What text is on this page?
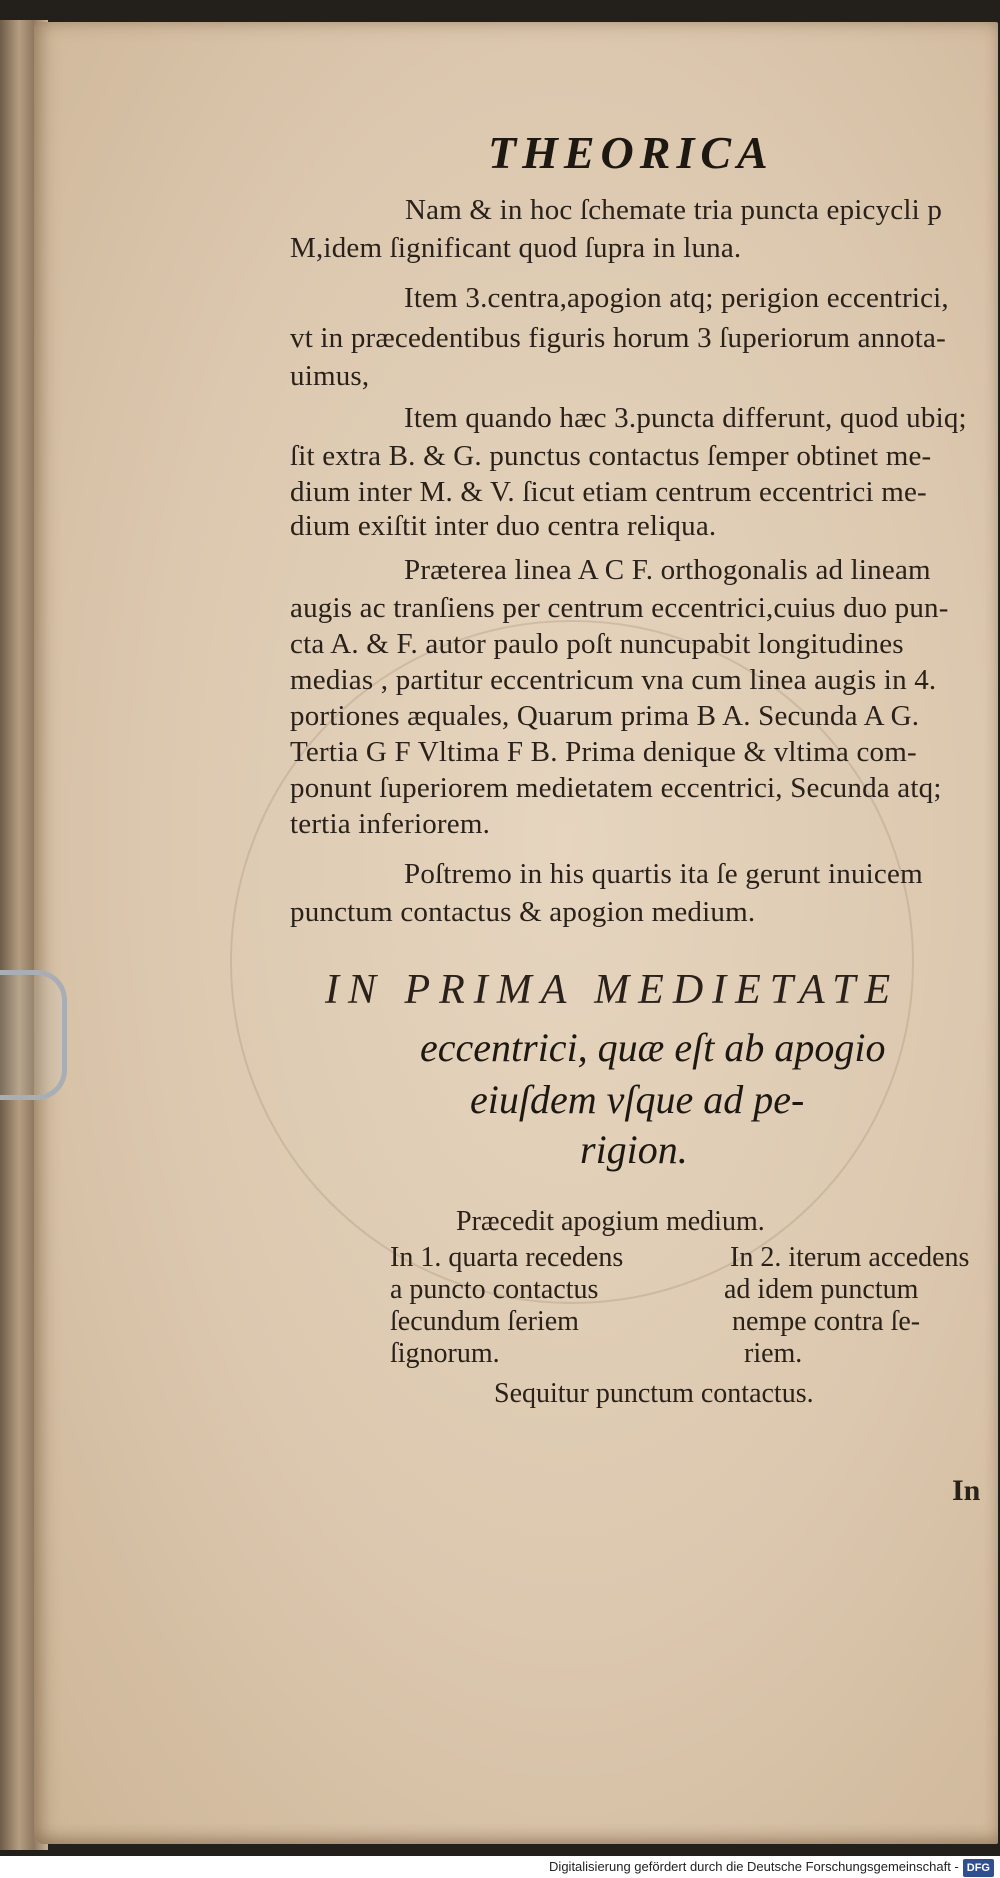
THEORICA
Nam & in hoc ſchemate tria puncta epicycli p
M,idem ſignificant quod ſupra in luna.
Item 3.centra,apogion atq; perigion eccentrici,
vt in præcedentibus figuris horum 3 ſuperiorum annota-
uimus,
Item quando hæc 3.puncta differunt, quod ubiq;
ſit extra B. & G. punctus contactus ſemper obtinet me-
dium inter M. & V. ſicut etiam centrum eccentrici me-
dium exiſtit inter duo centra reliqua.
Præterea linea A C F. orthogonalis ad lineam
augis ac tranſiens per centrum eccentrici,cuius duo pun-
cta A. & F. autor paulo poſt nuncupabit longitudines
medias , partitur eccentricum vna cum linea augis in 4.
portiones æquales, Quarum prima B A. Secunda A G.
Tertia G F Vltima F B. Prima denique & vltima com-
ponunt ſuperiorem medietatem eccentrici, Secunda atq;
tertia inferiorem.
Poſtremo in his quartis ita ſe gerunt inuicem
punctum contactus & apogion medium.
IN PRIMA MEDIETATE
eccentrici, quæ eſt ab apogio
eiuſdem vſque ad pe-
rigion.
Præcedit apogium medium.
In 1. quarta recedens
a puncto contactus
ſecundum ſeriem
ſignorum.
In 2. iterum accedens
ad idem punctum
nempe contra ſe-
riem.
Sequitur punctum contactus.
In
Digitalisierung gefördert durch die Deutsche Forschungsgemeinschaft - DFG
